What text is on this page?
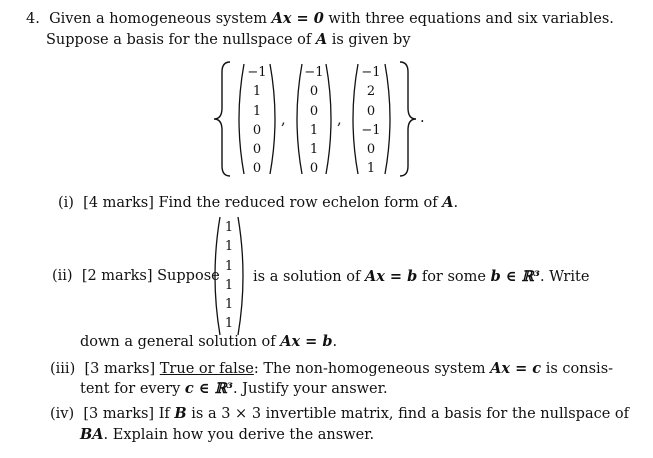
4. Given a homogeneous system Ax = 0 with three equations and six variables.
Suppose a basis for the nullspace of A is given by
−1
1
1
0
0
0
,
−1
0
0
1
1
0
,
−1
2
0
−1
0
1
.
(i) [4 marks] Find the reduced row echelon form of A.
(ii) [2 marks] Suppose
1
1
1
1
1
1
is a solution of Ax = b for some b ∈ ℝ³. Write
down a general solution of Ax = b.
(iii) [3 marks] True or false: The non-homogeneous system Ax = c is consis-
tent for every c ∈ ℝ³. Justify your answer.
(iv) [3 marks] If B is a 3 × 3 invertible matrix, find a basis for the nullspace of
BA. Explain how you derive the answer.
